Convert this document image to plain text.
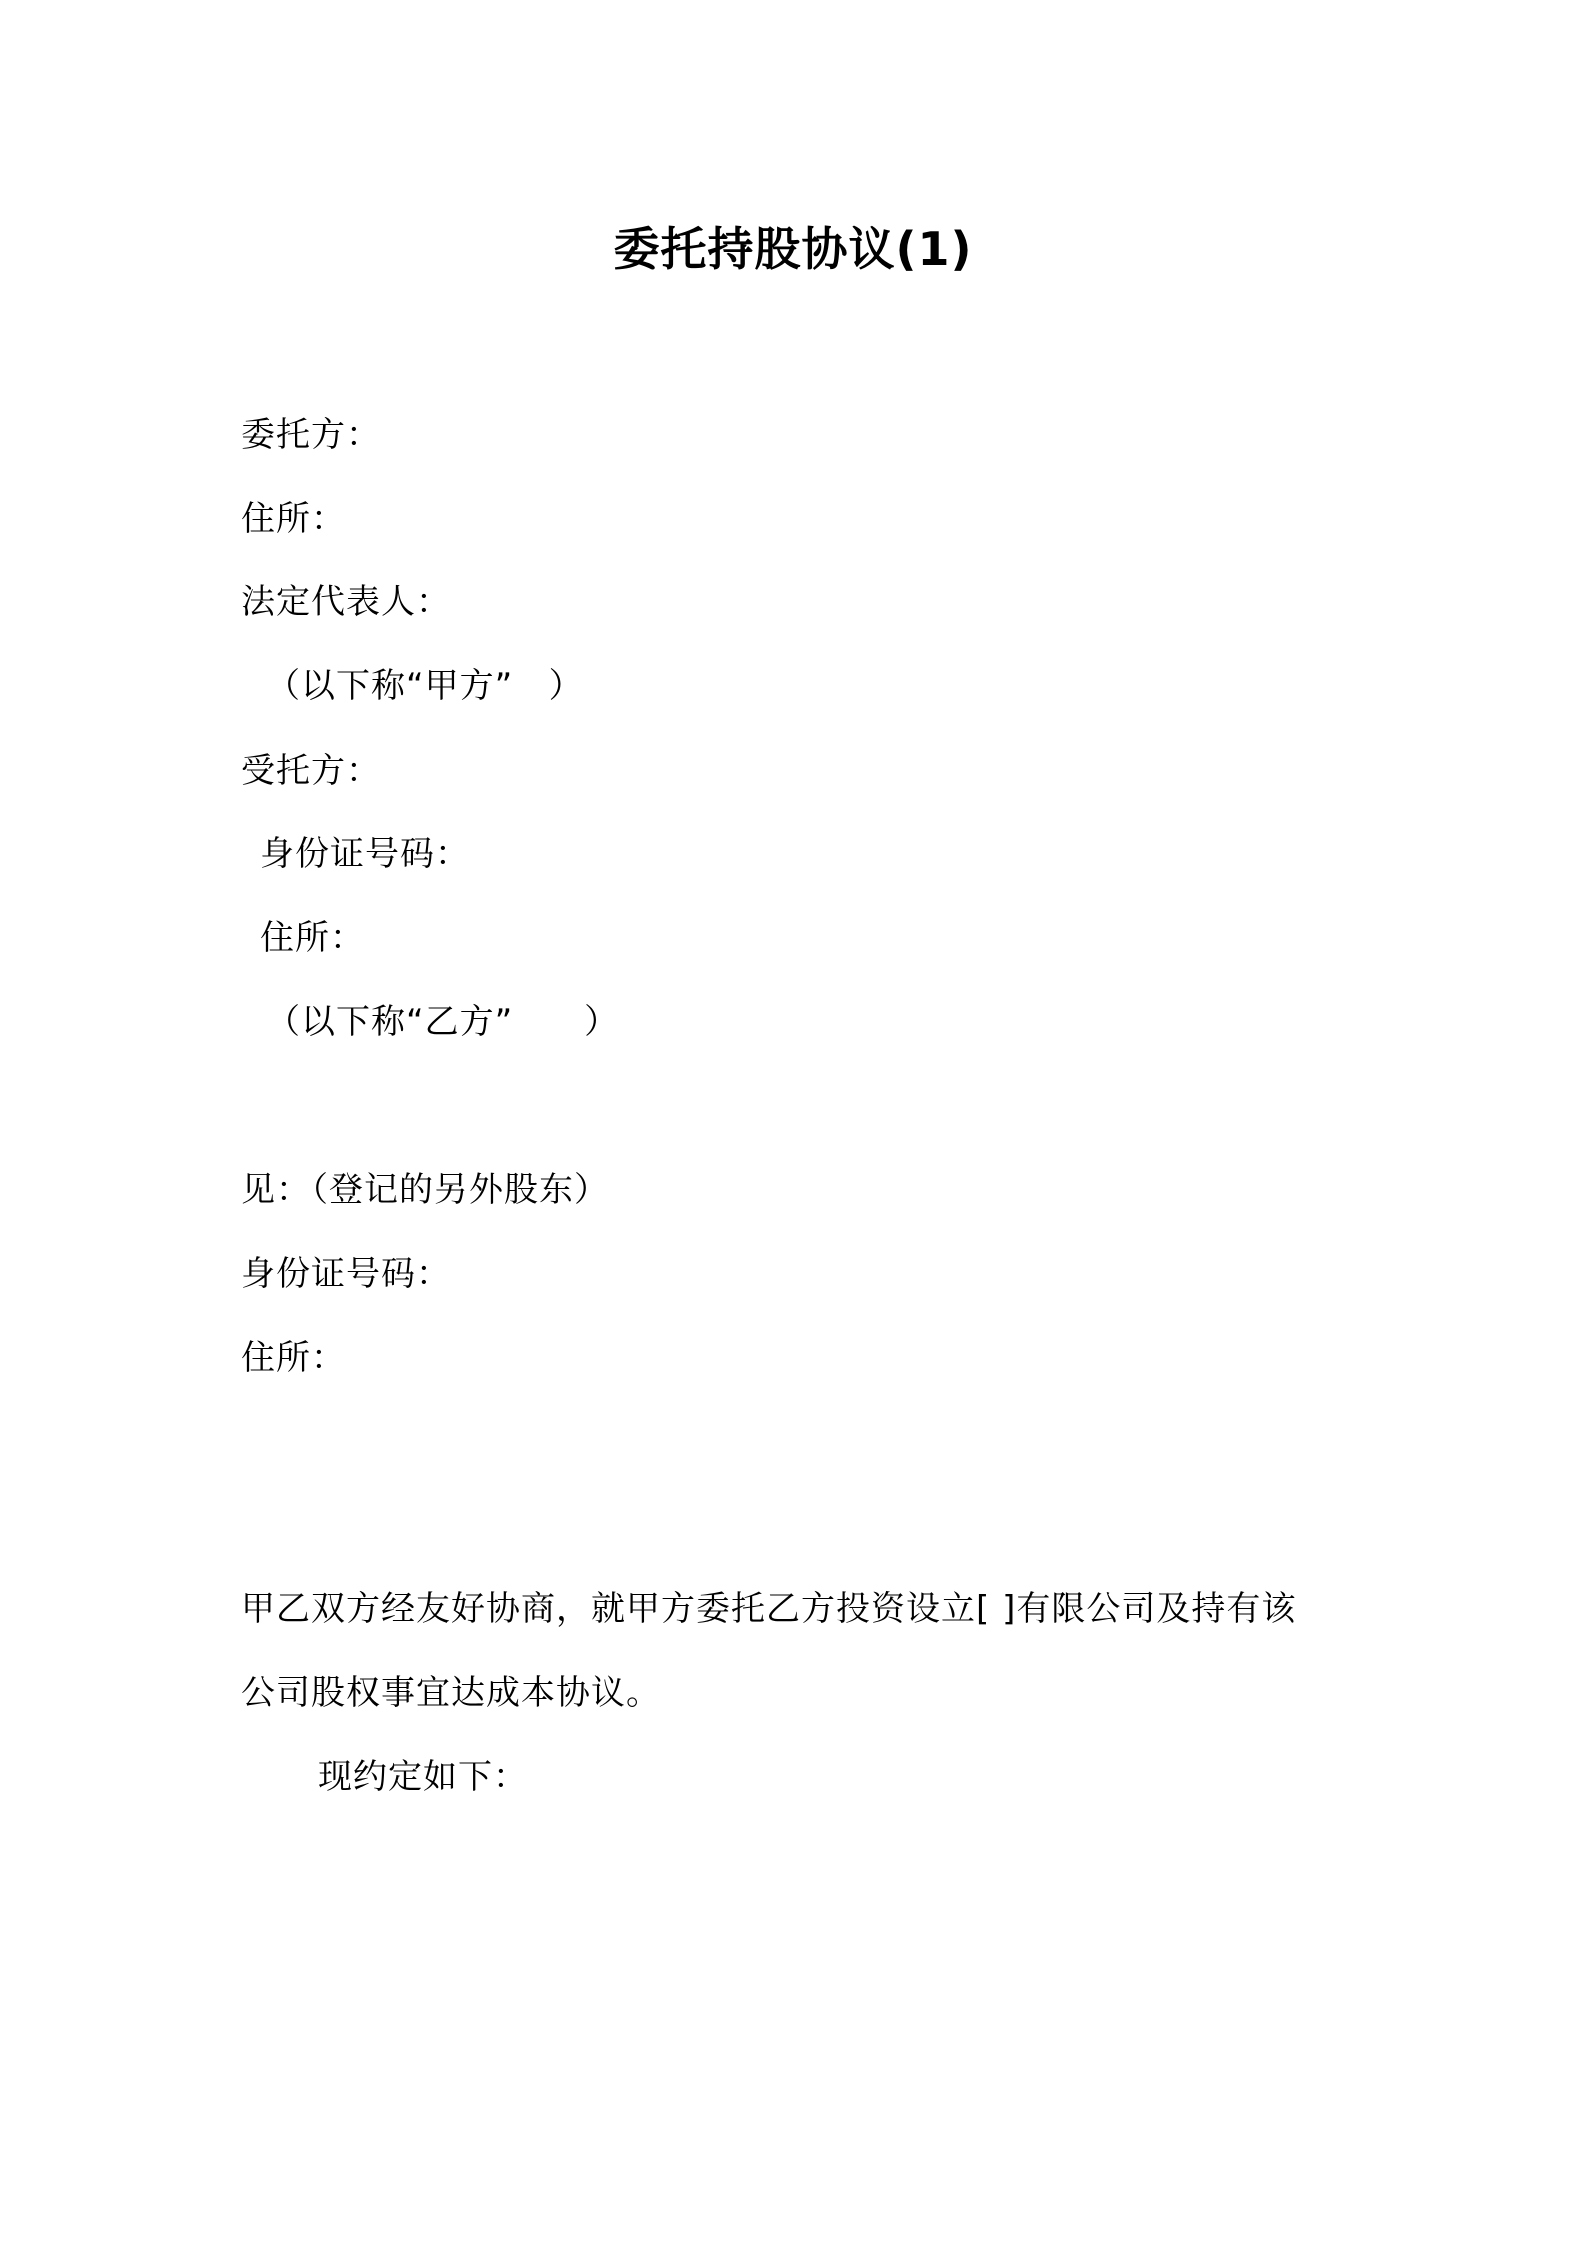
委托持股协议(1)
委托方：
住所：
法定代表人：
（以下称“甲方”   ）
受托方：
身份证号码：
住所：
（以下称“乙方”      ）
见：（登记的另外股东）
身份证号码：
住所：
甲乙双方经友好协商，就甲方委托乙方投资设立[ ]有限公司及持有该
公司股权事宜达成本协议。
现约定如下：
